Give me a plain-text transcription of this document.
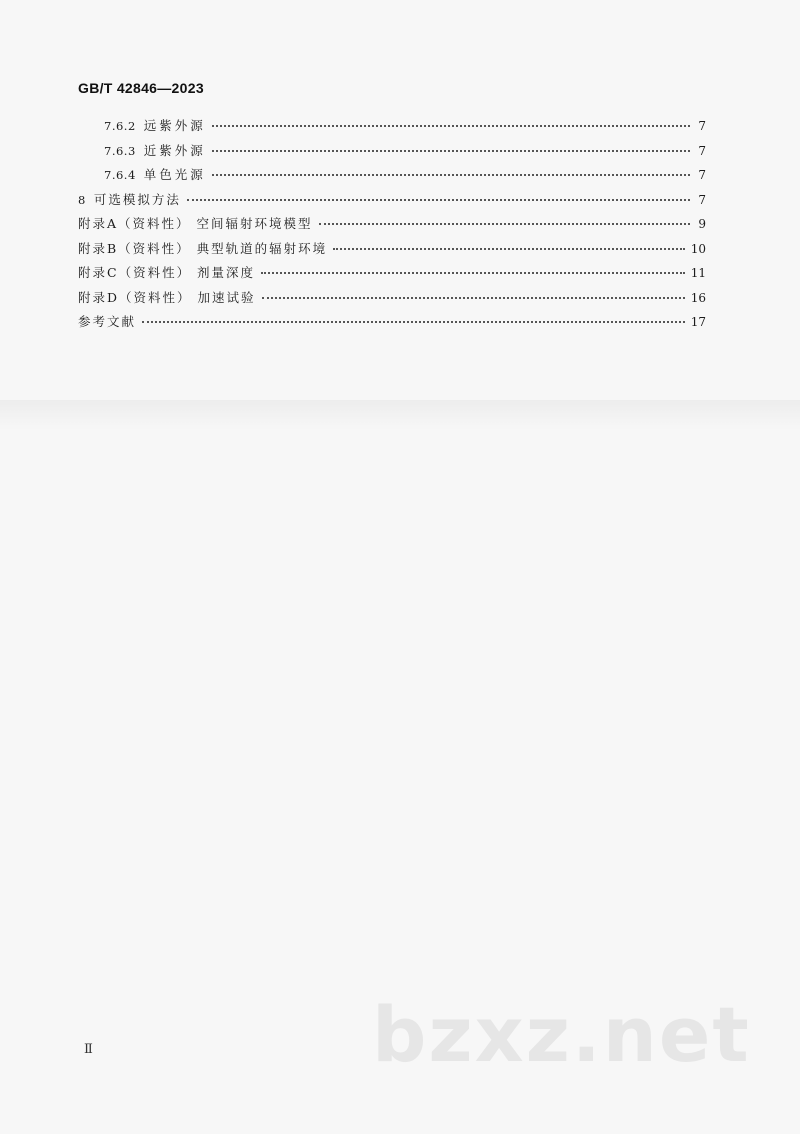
GB/T 42846—2023
7.6.2 远紫外源	7
7.6.3 近紫外源	7
7.6.4 单色光源	7
8 可选模拟方法	7
附录A（资料性） 空间辐射环境模型	9
附录B（资料性） 典型轨道的辐射环境	10
附录C（资料性） 剂量深度	11
附录D（资料性） 加速试验	16
参考文献	17
bzxz.net
Ⅱ
